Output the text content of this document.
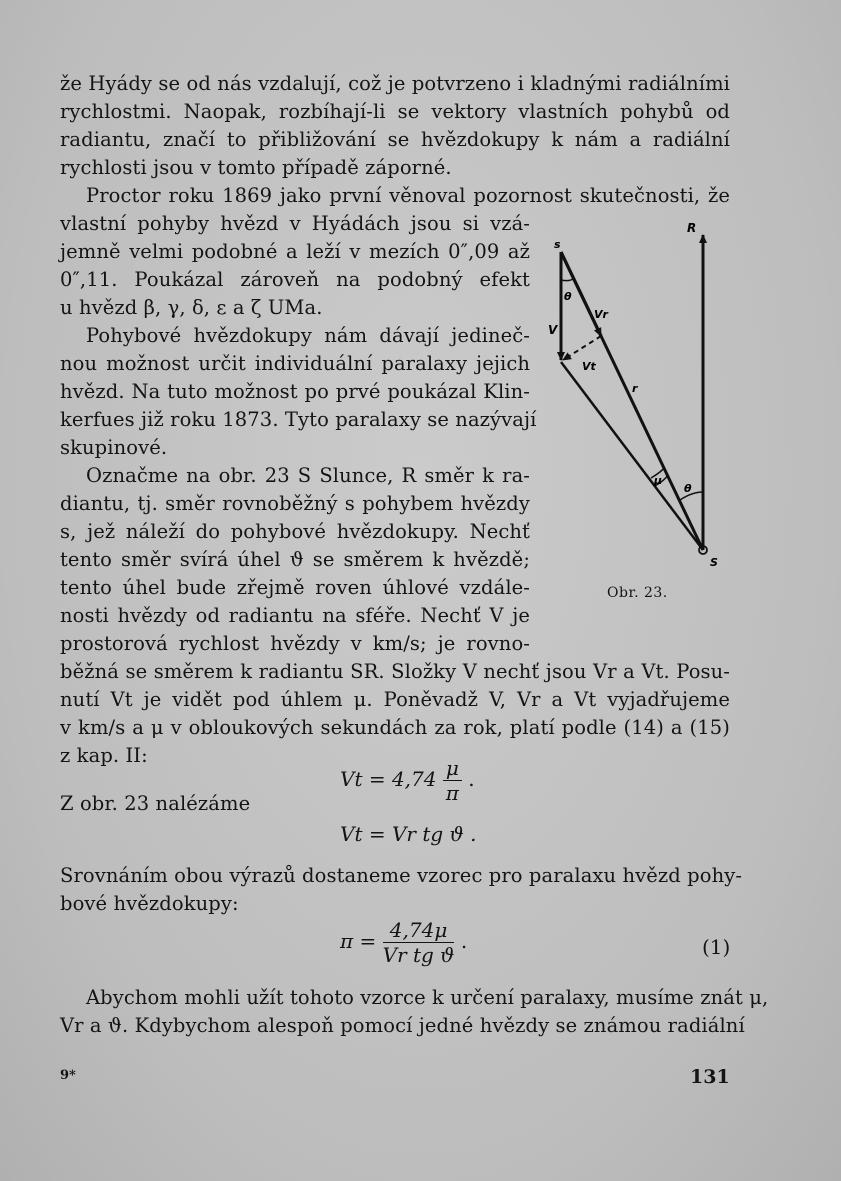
že Hyády se od nás vzdalují, což je potvrzeno i kladnými radiálními
rychlostmi. Naopak, rozbíhají-li se vektory vlastních pohybů od
radiantu, značí to přibližování se hvězdokupy k nám a radiální
rychlosti jsou v tomto případě záporné.
Proctor roku 1869 jako první věnoval pozornost skutečnosti, že
vlastní pohyby hvězd v Hyádách jsou si vzá-
jemně velmi podobné a leží v mezích 0″,09 až
0″,11. Poukázal zároveň na podobný efekt
u hvězd β, γ, δ, ε a ζ UMa.
Pohybové hvězdokupy nám dávají jedineč-
nou možnost určit individuální paralaxy jejich
hvězd. Na tuto možnost po prvé poukázal Klin-
kerfues již roku 1873. Tyto paralaxy se nazývají
skupinové.
Označme na obr. 23 S Slunce, R směr k ra-
diantu, tj. směr rovnoběžný s pohybem hvězdy
s, jež náleží do pohybové hvězdokupy. Nechť
tento směr svírá úhel ϑ se směrem k hvězdě;
tento úhel bude zřejmě roven úhlové vzdále-
nosti hvězdy od radiantu na sféře. Nechť V je
prostorová rychlost hvězdy v km/s; je rovno-
běžná se směrem k radiantu SR. Složky V nechť jsou Vr a Vt. Posu-
nutí Vt je vidět pod úhlem μ. Poněvadž V, Vr a Vt vyjadřujeme
v km/s a μ v obloukových sekundách za rok, platí podle (14) a (15)
z kap. II:
$Vt = 4,74 \frac{\mu}{\pi}$ .
Z obr. 23 nalézáme
Vt = Vr tg ϑ .
Srovnáním obou výrazů dostaneme vzorec pro paralaxu hvězd pohy-
bové hvězdokupy:
$\pi = \frac{4,74\mu}{\text{Vr tg ϑ}}$ .	(1)
Abychom mohli užít tohoto vzorce k určení paralaxy, musíme znát μ,
Vr a ϑ. Kdybychom alespoň pomocí jedné hvězdy se známou radiální
R
s
θ
V
Vr
Vt
r
μ
θ
S
Obr. 23.
9*	131
